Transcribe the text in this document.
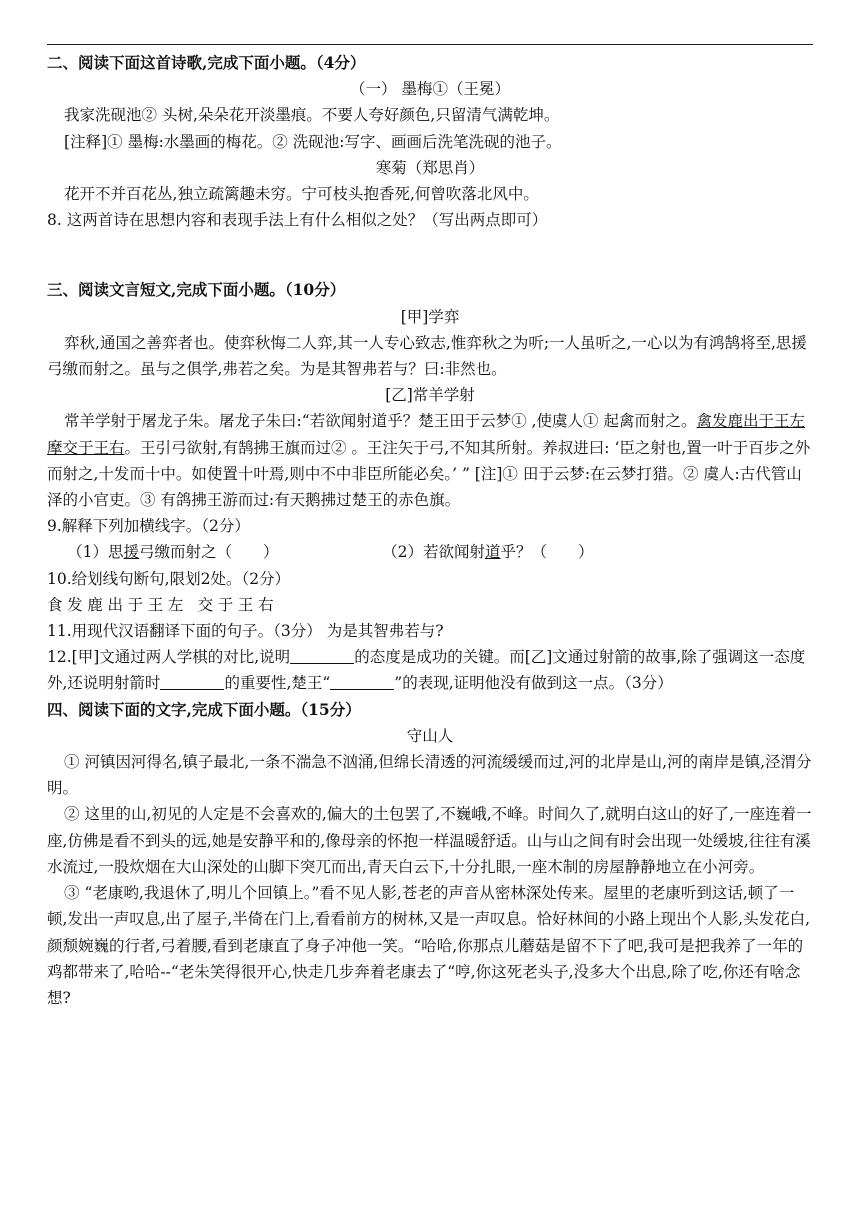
二、阅读下面这首诗歌,完成下面小题。（4分）

（一） 墨梅①（王冕）

我家洗砚池② 头树,朵朵花开淡墨痕。不要人夸好颜色,只留清气满乾坤。

[注释]① 墨梅:水墨画的梅花。② 洗砚池:写字、画画后洗笔洗砚的池子。

寒菊（郑思肖）

花开不并百花丛,独立疏篱趣未穷。宁可枝头抱香死,何曾吹落北风中。

8. 这两首诗在思想内容和表现手法上有什么相似之处？（写出两点即可）

三、阅读文言短文,完成下面小题。（10分）

[甲]学弈

弈秋,通国之善弈者也。使弈秋悔二人弈,其一人专心致志,惟弈秋之为听;一人虽听之,一心以为有鸿鹄将至,思援弓缴而射之。虽与之俱学,弗若之矣。为是其智弗若与？曰:非然也。

[乙]常羊学射

常羊学射于屠龙子朱。屠龙子朱曰:“若欲闻射道乎？楚王田于云梦① ,使虞人① 起禽而射之。禽发鹿出于王左摩交于王右。王引弓欲射,有鹄拂王旗而过② 。王注矢于弓,不知其所射。养叔进曰: ‘臣之射也,置一叶于百步之外而射之,十发而十中。如使置十叶焉,则中不中非臣所能必矣。’ ” [注]① 田于云梦:在云梦打猎。② 虞人:古代管山泽的小官吏。③ 有鸽拂王游而过:有天鹅拂过楚王的赤色旗。

9.解释下列加横线字。（2分）

（1）思援弓缴而射之（　　）	（2）若欲闻射道乎？（　　）

10.给划线句断句,限划2处。（2分）

食发鹿出于王左 交于王右

11.用现代汉语翻译下面的句子。（3分） 为是其智弗若与?

12.[甲]文通过两人学棋的对比,说明	的态度是成功的关键。而[乙]文通过射箭的故事,除了强调这一态度外,还说明射箭时	的重要性,楚王“	”的表现,证明他没有做到这一点。（3分）

四、阅读下面的文字,完成下面小题。（15分）

守山人

① 河镇因河得名,镇子最北,一条不湍急不汹涌,但绵长清透的河流缓缓而过,河的北岸是山,河的南岸是镇,泾渭分明。

② 这里的山,初见的人定是不会喜欢的,偏大的土包罢了,不巍峨,不峰。时间久了,就明白这山的好了,一座连着一座,仿佛是看不到头的远,她是安静平和的,像母亲的怀抱一样温暖舒适。山与山之间有时会出现一处缓坡,往往有溪水流过,一股炊烟在大山深处的山脚下突兀而出,青天白云下,十分扎眼,一座木制的房屋静静地立在小河旁。

③ “老康哟,我退休了,明儿个回镇上。”看不见人影,苍老的声音从密林深处传来。屋里的老康听到这话,顿了一顿,发出一声叹息,出了屋子,半倚在门上,看看前方的树林,又是一声叹息。恰好林间的小路上现出个人影,头发花白,颜颓婉巍的行者,弓着腰,看到老康直了身子冲他一笑。“哈哈,你那点儿蘑菇是留不下了吧,我可是把我养了一年的鸡都带来了,哈哈--“老朱笑得很开心,快走几步奔着老康去了“哼,你这死老头子,没多大个出息,除了吃,你还有啥念想?
